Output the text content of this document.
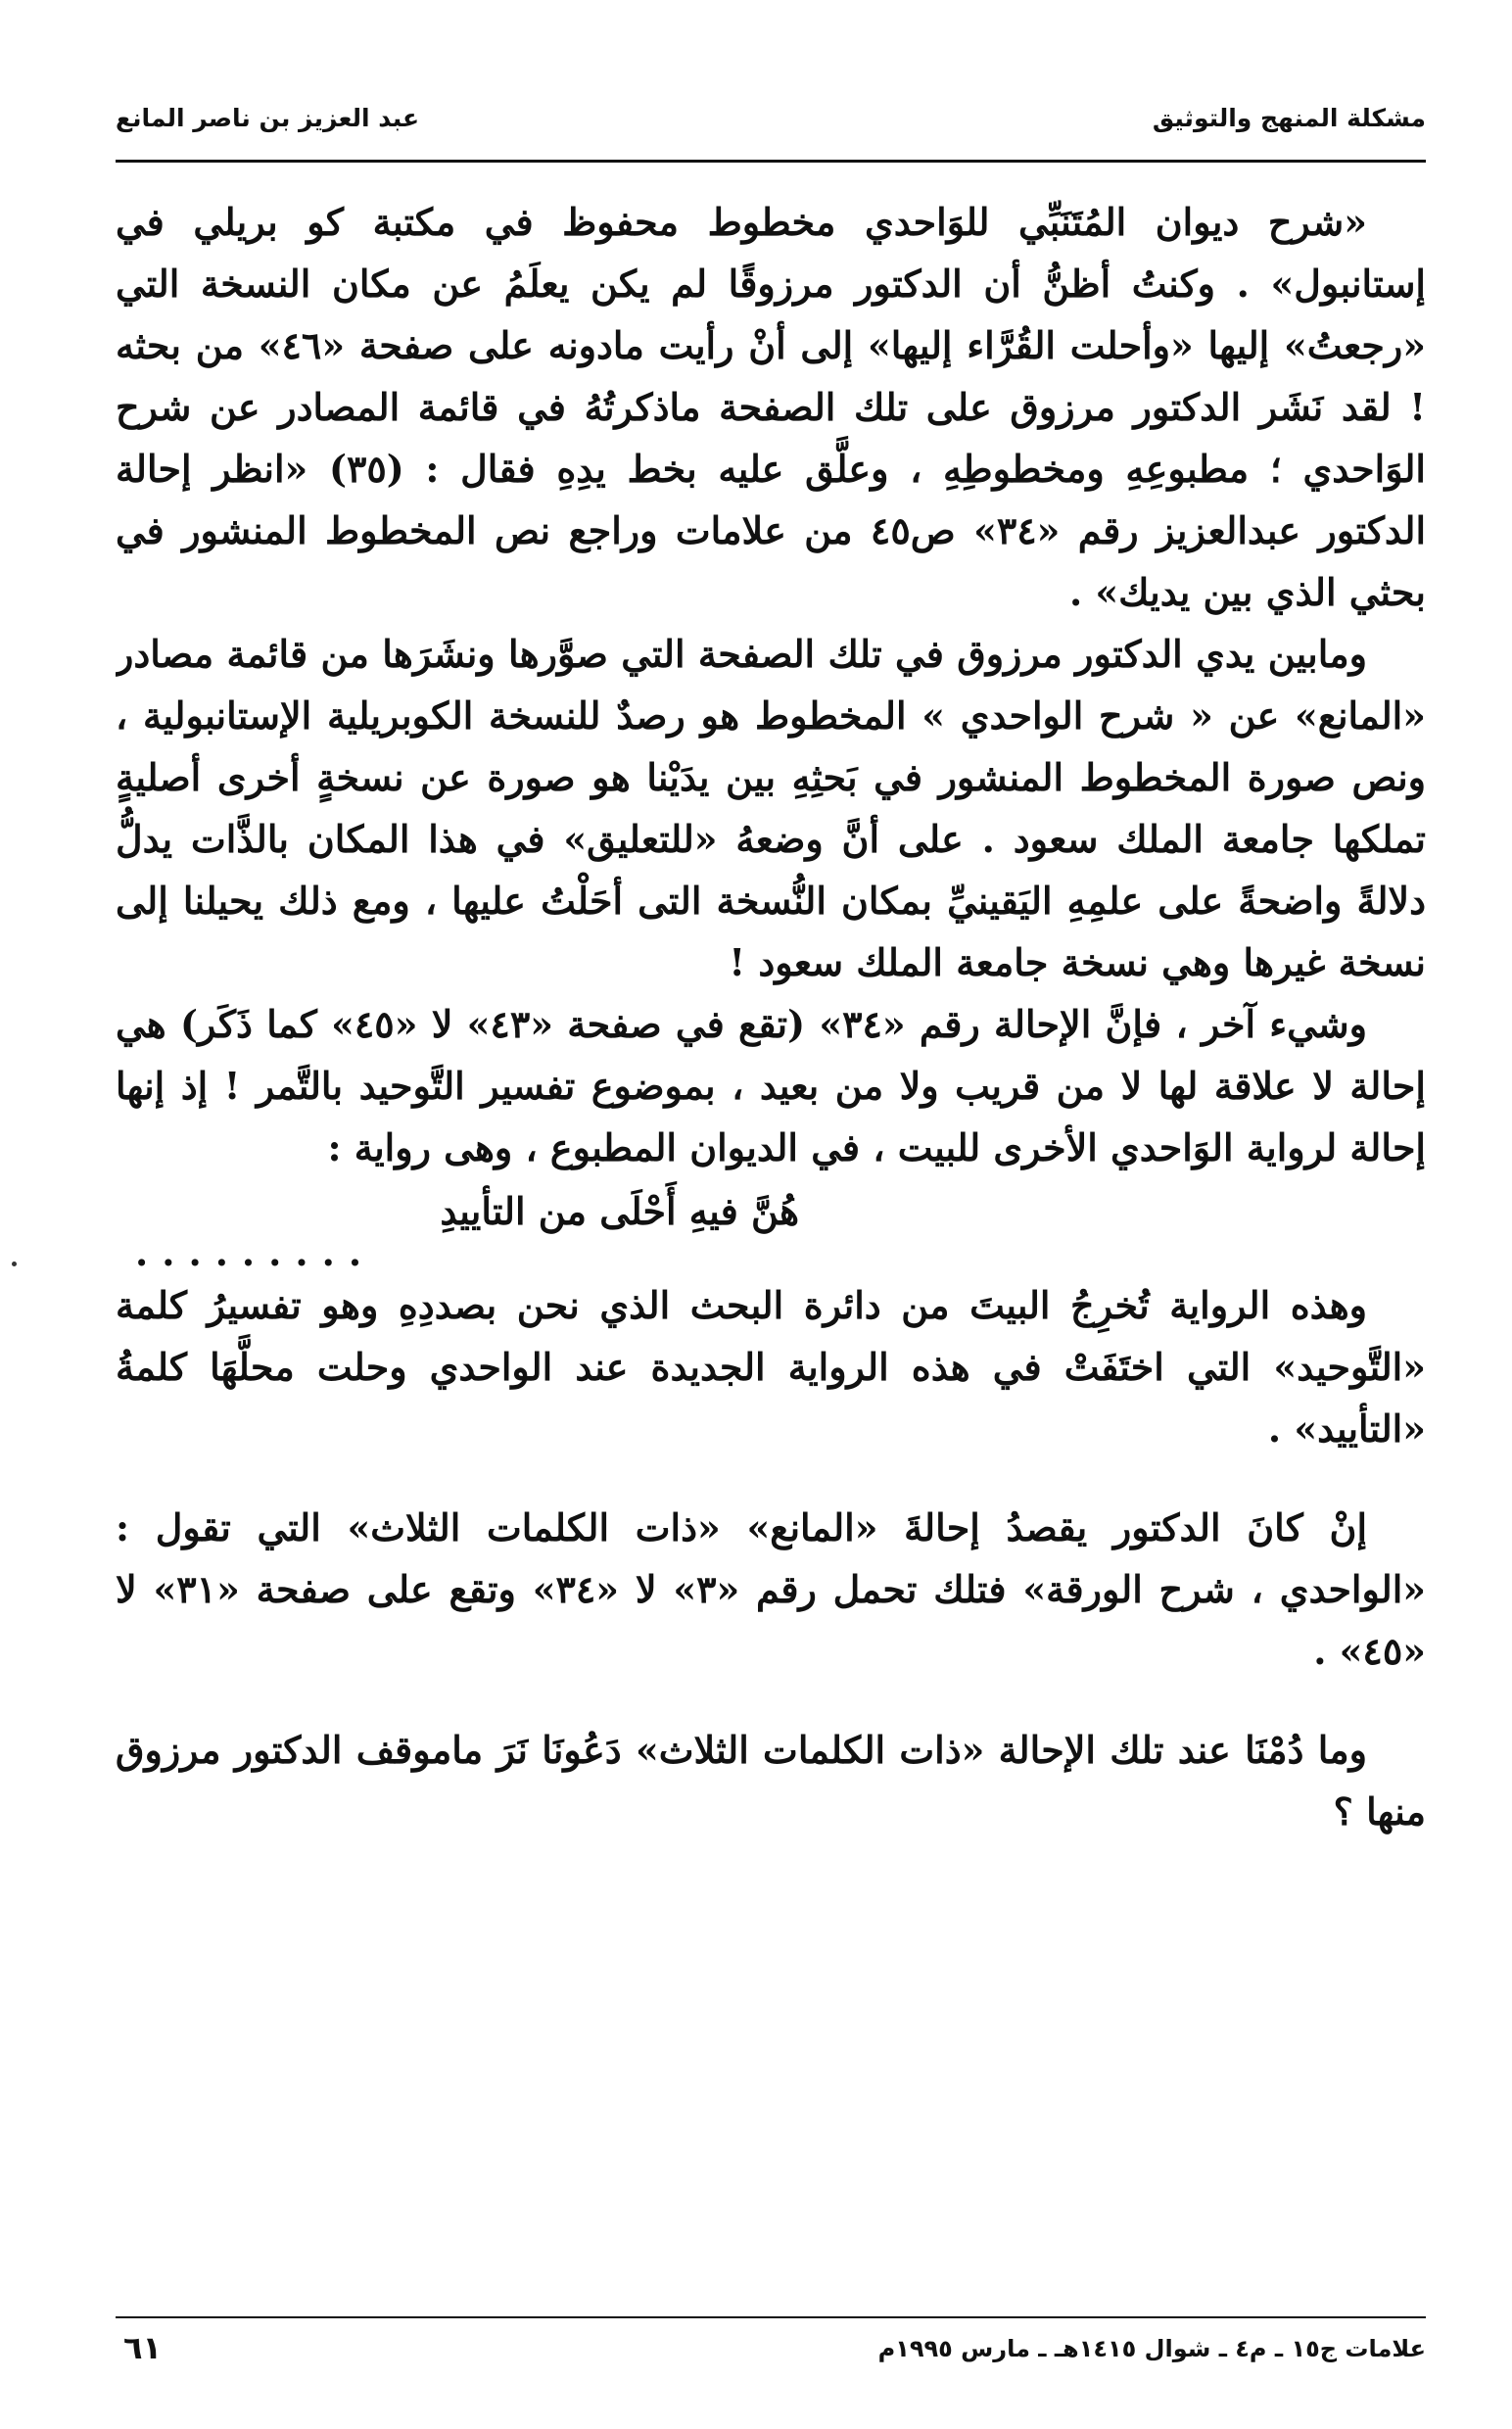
مشكلة المنهج والتوثيق
عبد العزيز بن ناصر المانع

«شرح ديوان المُتَنَبِّي للوَاحدي مخطوط محفوظ في مكتبة كو بريلي في إستانبول» . وكنتُ أظنُّ أن الدكتور مرزوقًا لم يكن يعلَمُ عن مكان النسخة التي «رجعتُ» إليها «وأحلت القُرَّاء إليها» إلى أنْ رأيت مادونه على صفحة «٤٦» من بحثه ! لقد نَشَر الدكتور مرزوق على تلك الصفحة ماذكرتُهُ في قائمة المصادر عن شرح الوَاحدي ؛ مطبوعِهِ ومخطوطِهِ ، وعلَّق عليه بخط يدِهِ فقال : (٣٥) «انظر إحالة الدكتور عبدالعزيز رقم «٣٤» ص٤٥ من علامات وراجع نص المخطوط المنشور في بحثي الذي بين يديك» .

ومابين يدي الدكتور مرزوق في تلك الصفحة التي صوَّرها ونشَرَها من قائمة مصادر «المانع» عن « شرح الواحدي » المخطوط هو رصدٌ للنسخة الكوبريلية الإستانبولية ، ونص صورة المخطوط المنشور في بَحثِهِ بين يدَيْنا هو صورة عن نسخةٍ أخرى أصليةٍ تملكها جامعة الملك سعود . على أنَّ وضعهُ «للتعليق» في هذا المكان بالذَّات يدلُّ دلالةً واضحةً على علمِهِ اليَقينيِّ بمكان النُّسخة التى أحَلْتُ عليها ، ومع ذلك يحيلنا إلى نسخة غيرها وهي نسخة جامعة الملك سعود !

وشيء آخر ، فإنَّ الإحالة رقم «٣٤» (تقع في صفحة «٤٣» لا «٤٥» كما ذَكَر) هي إحالة لا علاقة لها لا من قريب ولا من بعيد ، بموضوع تفسير التَّوحيد بالتَّمر ! إذ إنها إحالة لرواية الوَاحدي الأخرى للبيت ، في الديوان المطبوع ، وهى رواية :

هُنَّ فيهِ أَحْلَى من التأييدِ
.........

وهذه الرواية تُخرِجُ البيتَ من دائرة البحث الذي نحن بصددِهِ وهو تفسيرُ كلمة «التَّوحيد» التي اختَفَتْ في هذه الرواية الجديدة عند الواحدي وحلت محلَّهَا كلمةُ «التأييد» .

إنْ كانَ الدكتور يقصدُ إحالةَ «المانع» «ذات الكلمات الثلاث» التي تقول : «الواحدي ، شرح الورقة» فتلك تحمل رقم «٣» لا «٣٤» وتقع على صفحة «٣١» لا «٤٥» .

وما دُمْنَا عند تلك الإحالة «ذات الكلمات الثلاث» دَعُونَا نَرَ ماموقف الدكتور مرزوق منها ؟

علامات ج١٥ ـ م٤ ـ شوال ١٤١٥هـ ـ مارس ١٩٩٥م
٦١
